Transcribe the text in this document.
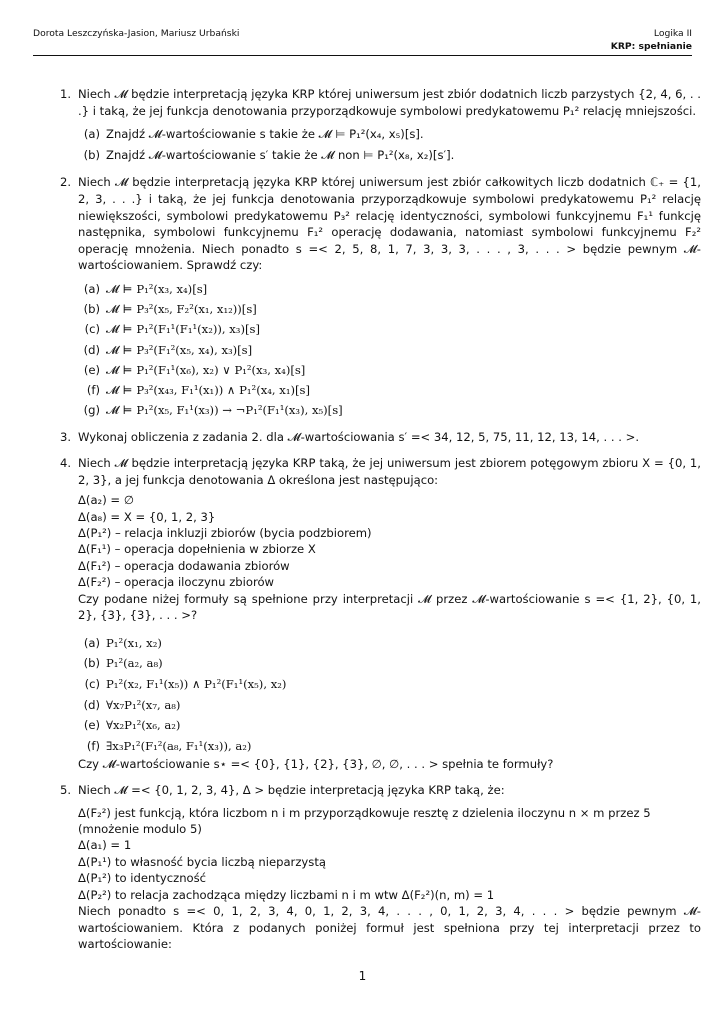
Dorota Leszczyńska-Jasion, Mariusz Urbański	Logika II
KRP: spełnianie
1. Niech 𝓜 będzie interpretacją języka KRP której uniwersum jest zbiór dodatnich liczb parzystych {2, 4, 6, . . .} i taką, że jej funkcja denotowania przyporządkowuje symbolowi predykatowemu P₁² relację mniejszości.

(a) Znajdź 𝓜-wartościowanie s takie że 𝓜 ⊨ P₁²(x₄, x₅)[s].
(b) Znajdź 𝓜-wartościowanie s′ takie że 𝓜 non ⊨ P₁²(x₈, x₂)[s′].
2. Niech 𝓜 będzie interpretacją języka KRP której uniwersum jest zbiór całkowitych liczb dodatnich ℂ₊ = {1, 2, 3, . . .} i taką, że jej funkcja denotowania przyporządkowuje symbolowi predykatowemu P₁² relację niewiększości, symbolowi predykatowemu P₃² relację identyczności, symbolowi funkcyjnemu F₁¹ funkcję następnika, symbolowi funkcyjnemu F₁² operację dodawania, natomiast symbolowi funkcyjnemu F₂² operację mnożenia. Niech ponadto s =< 2, 5, 8, 1, 7, 3, 3, 3, . . . , 3, . . . > będzie pewnym 𝓜-wartościowaniem. Sprawdź czy:

(a) 𝓜 ⊨ P₁²(x₃, x₄)[s]
(b) 𝓜 ⊨ P₃²(x₅, F₂²(x₁, x₁₂))[s]
(c) 𝓜 ⊨ P₁²(F₁¹(F₁¹(x₂)), x₃)[s]
(d) 𝓜 ⊨ P₃²(F₁²(x₅, x₄), x₃)[s]
(e) 𝓜 ⊨ P₁²(F₁¹(x₆), x₂) ∨ P₁²(x₃, x₄)[s]
(f) 𝓜 ⊨ P₃²(x₄₃, F₁¹(x₁)) ∧ P₁²(x₄, x₁)[s]
(g) 𝓜 ⊨ P₁²(x₅, F₁¹(x₃)) → ¬P₁²(F₁¹(x₃), x₅)[s]
3. Wykonaj obliczenia z zadania 2. dla 𝓜-wartościowania s′ =< 34, 12, 5, 75, 11, 12, 13, 14, . . . >.

4. Niech 𝓜 będzie interpretacją języka KRP taką, że jej uniwersum jest zbiorem potęgowym zbioru X = {0, 1, 2, 3}, a jej funkcja denotowania Δ określona jest następująco:

Δ(a₂) = ∅
Δ(a₈) = X = {0, 1, 2, 3}
Δ(P₁²) – relacja inkluzji zbiorów (bycia podzbiorem)
Δ(F₁¹) – operacja dopełnienia w zbiorze X
Δ(F₁²) – operacja dodawania zbiorów
Δ(F₂²) – operacja iloczynu zbiorów

Czy podane niżej formuły są spełnione przy interpretacji 𝓜 przez 𝓜-wartościowanie s =< {1, 2}, {0, 1, 2}, {3}, {3}, . . . >?

(a) P₁²(x₁, x₂)
(b) P₁²(a₂, a₈)
(c) P₁²(x₂, F₁¹(x₅)) ∧ P₁²(F₁¹(x₅), x₂)
(d) ∀x₇P₁²(x₇, a₈)
(e) ∀x₂P₁²(x₆, a₂)
(f) ∃x₃P₁²(F₁²(a₈, F₁¹(x₃)), a₂)

Czy 𝓜-wartościowanie s⋆ =< {0}, {1}, {2}, {3}, ∅, ∅, . . . > spełnia te formuły?

5. Niech 𝓜 =< {0, 1, 2, 3, 4}, Δ > będzie interpretacją języka KRP taką, że:

Δ(F₂²) jest funkcją, która liczbom n i m przyporządkowuje resztę z dzielenia iloczynu n × m przez 5 (mnożenie modulo 5)
Δ(a₁) = 1
Δ(P₁¹) to własność bycia liczbą nieparzystą
Δ(P₁²) to identyczność
Δ(P₂²) to relacja zachodząca między liczbami n i m wtw Δ(F₂²)(n, m) = 1

Niech ponadto s =< 0, 1, 2, 3, 4, 0, 1, 2, 3, 4, . . . , 0, 1, 2, 3, 4, . . . > będzie pewnym 𝓜-wartościowaniem. Która z podanych poniżej formuł jest spełniona przy tej interpretacji przez to wartościowanie:

1
